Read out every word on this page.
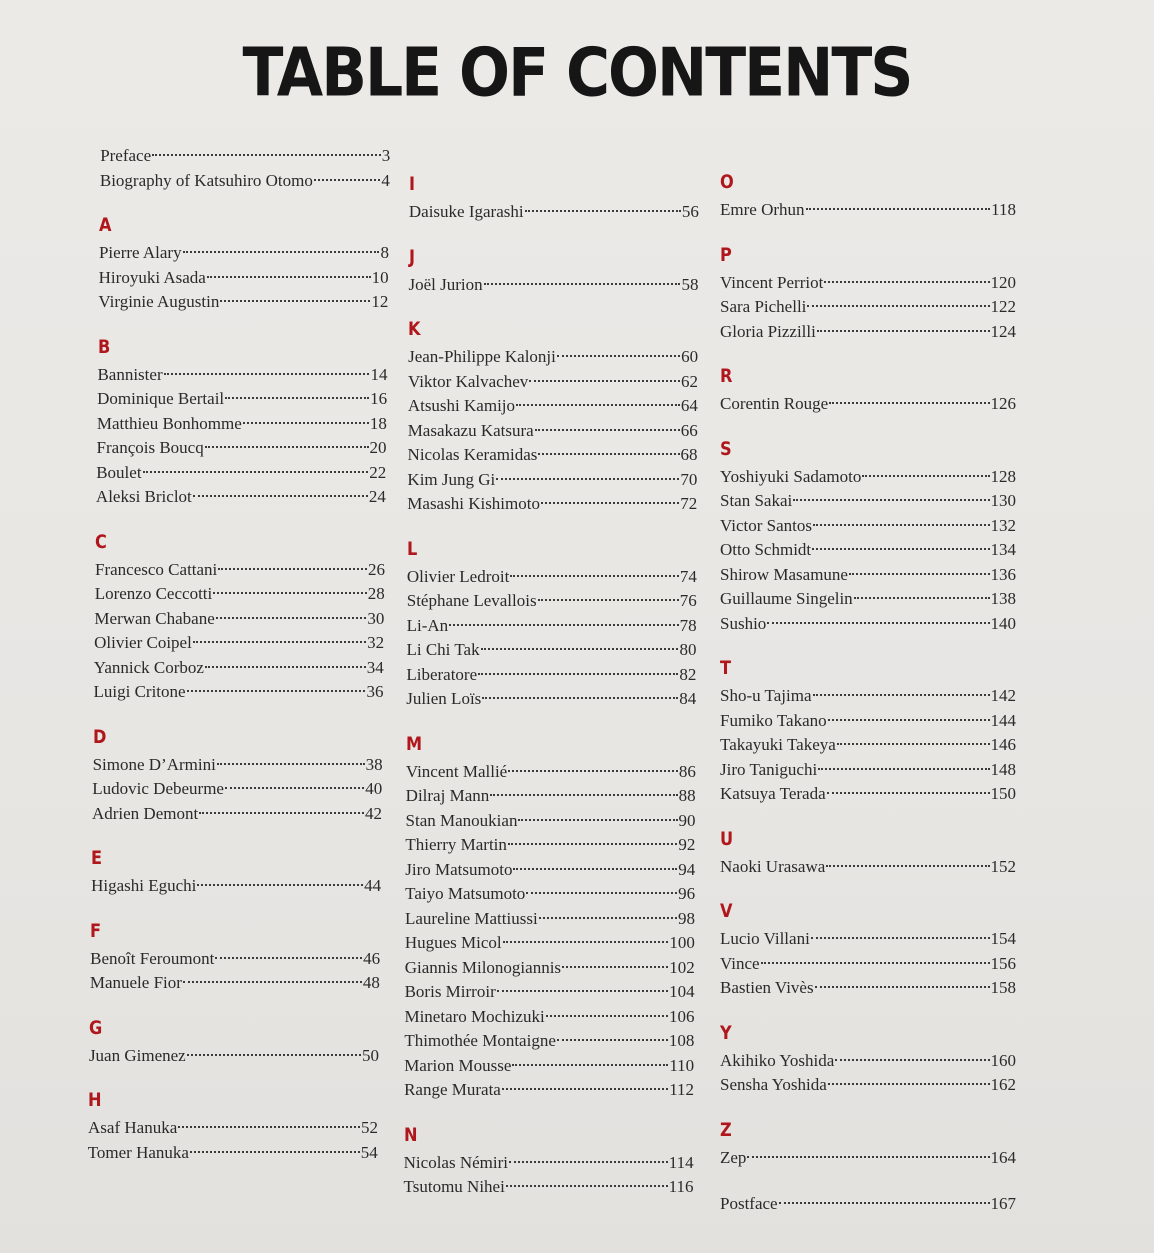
TABLE OF CONTENTS
Preface	3
Biography of Katsuhiro Otomo	4
A
Pierre Alary	8
Hiroyuki Asada	10
Virginie Augustin	12
B
Bannister	14
Dominique Bertail	16
Matthieu Bonhomme	18
François Boucq	20
Boulet	22
Aleksi Briclot	24
C
Francesco Cattani	26
Lorenzo Ceccotti	28
Merwan Chabane	30
Olivier Coipel	32
Yannick Corboz	34
Luigi Critone	36
D
Simone D’Armini	38
Ludovic Debeurme	40
Adrien Demont	42
E
Higashi Eguchi	44
F
Benoît Feroumont	46
Manuele Fior	48
G
Juan Gimenez	50
H
Asaf Hanuka	52
Tomer Hanuka	54
I
Daisuke Igarashi	56
J
Joël Jurion	58
K
Jean-Philippe Kalonji	60
Viktor Kalvachev	62
Atsushi Kamijo	64
Masakazu Katsura	66
Nicolas Keramidas	68
Kim Jung Gi	70
Masashi Kishimoto	72
L
Olivier Ledroit	74
Stéphane Levallois	76
Li-An	78
Li Chi Tak	80
Liberatore	82
Julien Loïs	84
M
Vincent Mallié	86
Dilraj Mann	88
Stan Manoukian	90
Thierry Martin	92
Jiro Matsumoto	94
Taiyo Matsumoto	96
Laureline Mattiussi	98
Hugues Micol	100
Giannis Milonogiannis	102
Boris Mirroir	104
Minetaro Mochizuki	106
Thimothée Montaigne	108
Marion Mousse	110
Range Murata	112
N
Nicolas Némiri	114
Tsutomu Nihei	116
O
Emre Orhun	118
P
Vincent Perriot	120
Sara Pichelli	122
Gloria Pizzilli	124
R
Corentin Rouge	126
S
Yoshiyuki Sadamoto	128
Stan Sakai	130
Victor Santos	132
Otto Schmidt	134
Shirow Masamune	136
Guillaume Singelin	138
Sushio	140
T
Sho-u Tajima	142
Fumiko Takano	144
Takayuki Takeya	146
Jiro Taniguchi	148
Katsuya Terada	150
U
Naoki Urasawa	152
V
Lucio Villani	154
Vince	156
Bastien Vivès	158
Y
Akihiko Yoshida	160
Sensha Yoshida	162
Z
Zep	164
Postface	167
